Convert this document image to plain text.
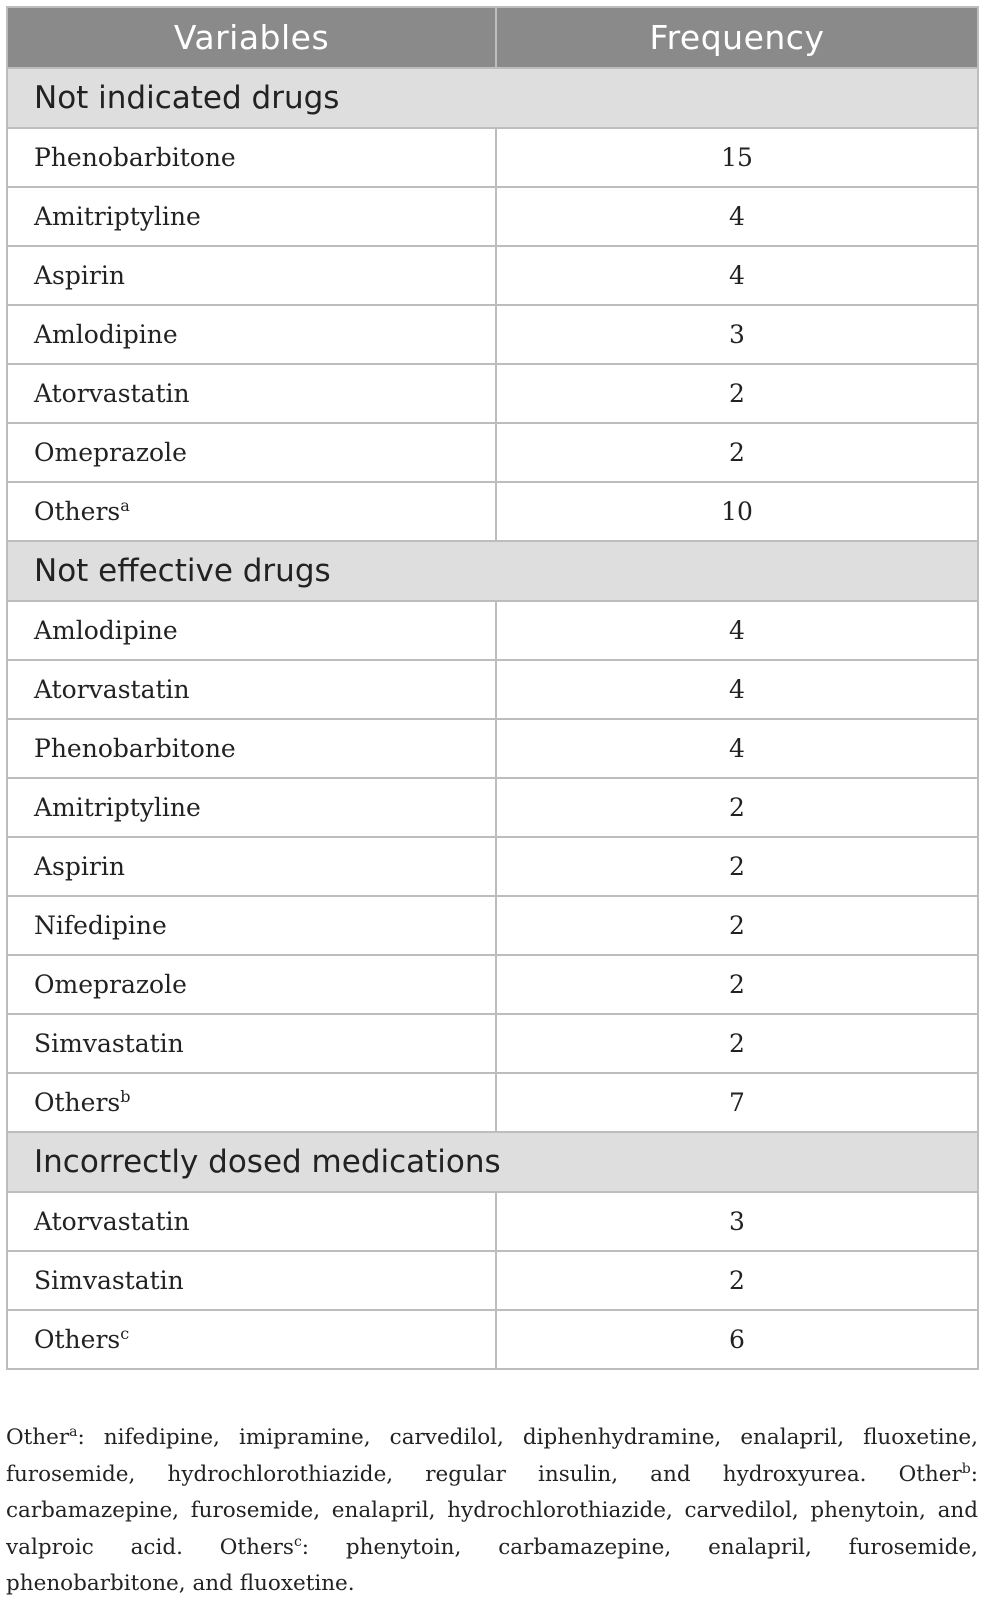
Variables	Frequency
Not indicated drugs	
Phenobarbitone	15
Amitriptyline	4
Aspirin	4
Amlodipine	3
Atorvastatin	2
Omeprazole	2
Others$^a$	10
Not effective drugs	
Amlodipine	4
Atorvastatin	4
Phenobarbitone	4
Amitriptyline	2
Aspirin	2
Nifedipine	2
Omeprazole	2
Simvastatin	2
Others$^b$	7
Incorrectly dosed medications	
Atorvastatin	3
Simvastatin	2
Others$^c$	6
Other$^a$: nifedipine, imipramine, carvedilol, diphenhydramine, enalapril, fluoxetine, furosemide, hydrochlorothiazide, regular insulin, and hydroxyurea. Other$^b$: carbamazepine, furosemide, enalapril, hydrochlorothiazide, carvedilol, phenytoin, and valproic acid. Others$^c$: phenytoin, carbamazepine, enalapril, furosemide, phenobarbitone, and fluoxetine.
